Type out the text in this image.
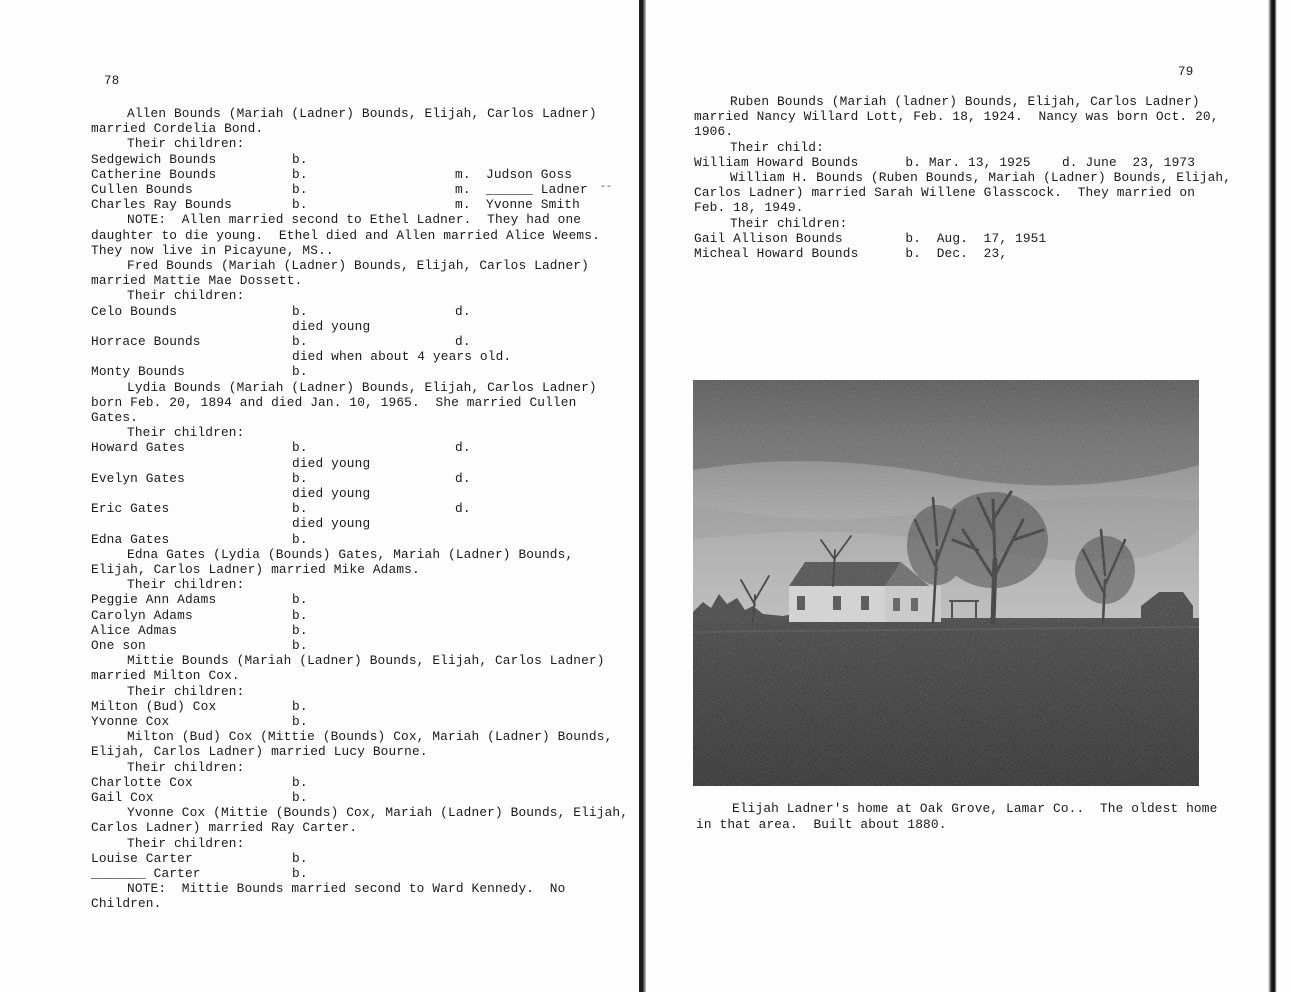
78
Allen Bounds (Mariah (Ladner) Bounds, Elijah, Carlos Ladner)
married Cordelia Bond.
Their children:
Sedgewich Bounds	b.
Catherine Bounds	b.	m. Judson Goss
Cullen Bounds	b.	m. ______ Ladner
Charles Ray Bounds	b.	m. Yvonne Smith
NOTE:  Allen married second to Ethel Ladner.  They had one
daughter to die young.  Ethel died and Allen married Alice Weems.
They now live in Picayune, MS..
Fred Bounds (Mariah (Ladner) Bounds, Elijah, Carlos Ladner)
married Mattie Mae Dossett.
Their children:
Celo Bounds	b.	d.
died young
Horrace Bounds	b.	d.
died when about 4 years old.
Monty Bounds	b.
Lydia Bounds (Mariah (Ladner) Bounds, Elijah, Carlos Ladner)
born Feb. 20, 1894 and died Jan. 10, 1965.  She married Cullen
Gates.
Their children:
Howard Gates	b.	d.
died young
Evelyn Gates	b.	d.
died young
Eric Gates	b.	d.
died young
Edna Gates	b.
Edna Gates (Lydia (Bounds) Gates, Mariah (Ladner) Bounds,
Elijah, Carlos Ladner) married Mike Adams.
Their children:
Peggie Ann Adams	b.
Carolyn Adams	b.
Alice Admas	b.
One son	b.
Mittie Bounds (Mariah (Ladner) Bounds, Elijah, Carlos Ladner)
married Milton Cox.
Their children:
Milton (Bud) Cox	b.
Yvonne Cox	b.
Milton (Bud) Cox (Mittie (Bounds) Cox, Mariah (Ladner) Bounds,
Elijah, Carlos Ladner) married Lucy Bourne.
Their children:
Charlotte Cox	b.
Gail Cox	b.
Yvonne Cox (Mittie (Bounds) Cox, Mariah (Ladner) Bounds, Elijah,
Carlos Ladner) married Ray Carter.
Their children:
Louise Carter	b.
_______ Carter	b.
NOTE:  Mittie Bounds married second to Ward Kennedy.  No
Children.
79
Ruben Bounds (Mariah (ladner) Bounds, Elijah, Carlos Ladner)
married Nancy Willard Lott, Feb. 18, 1924.  Nancy was born Oct. 20,
1906.
Their child:
William Howard Bounds      b. Mar. 13, 1925    d. June  23, 1973
William H. Bounds (Ruben Bounds, Mariah (Ladner) Bounds, Elijah,
Carlos Ladner) married Sarah Willene Glasscock.  They married on
Feb. 18, 1949.
Their children:
Gail Allison Bounds        b.  Aug.  17, 1951
Micheal Howard Bounds      b.  Dec.  23,
--
Elijah Ladner's home at Oak Grove, Lamar Co..  The oldest home
in that area.  Built about 1880.
